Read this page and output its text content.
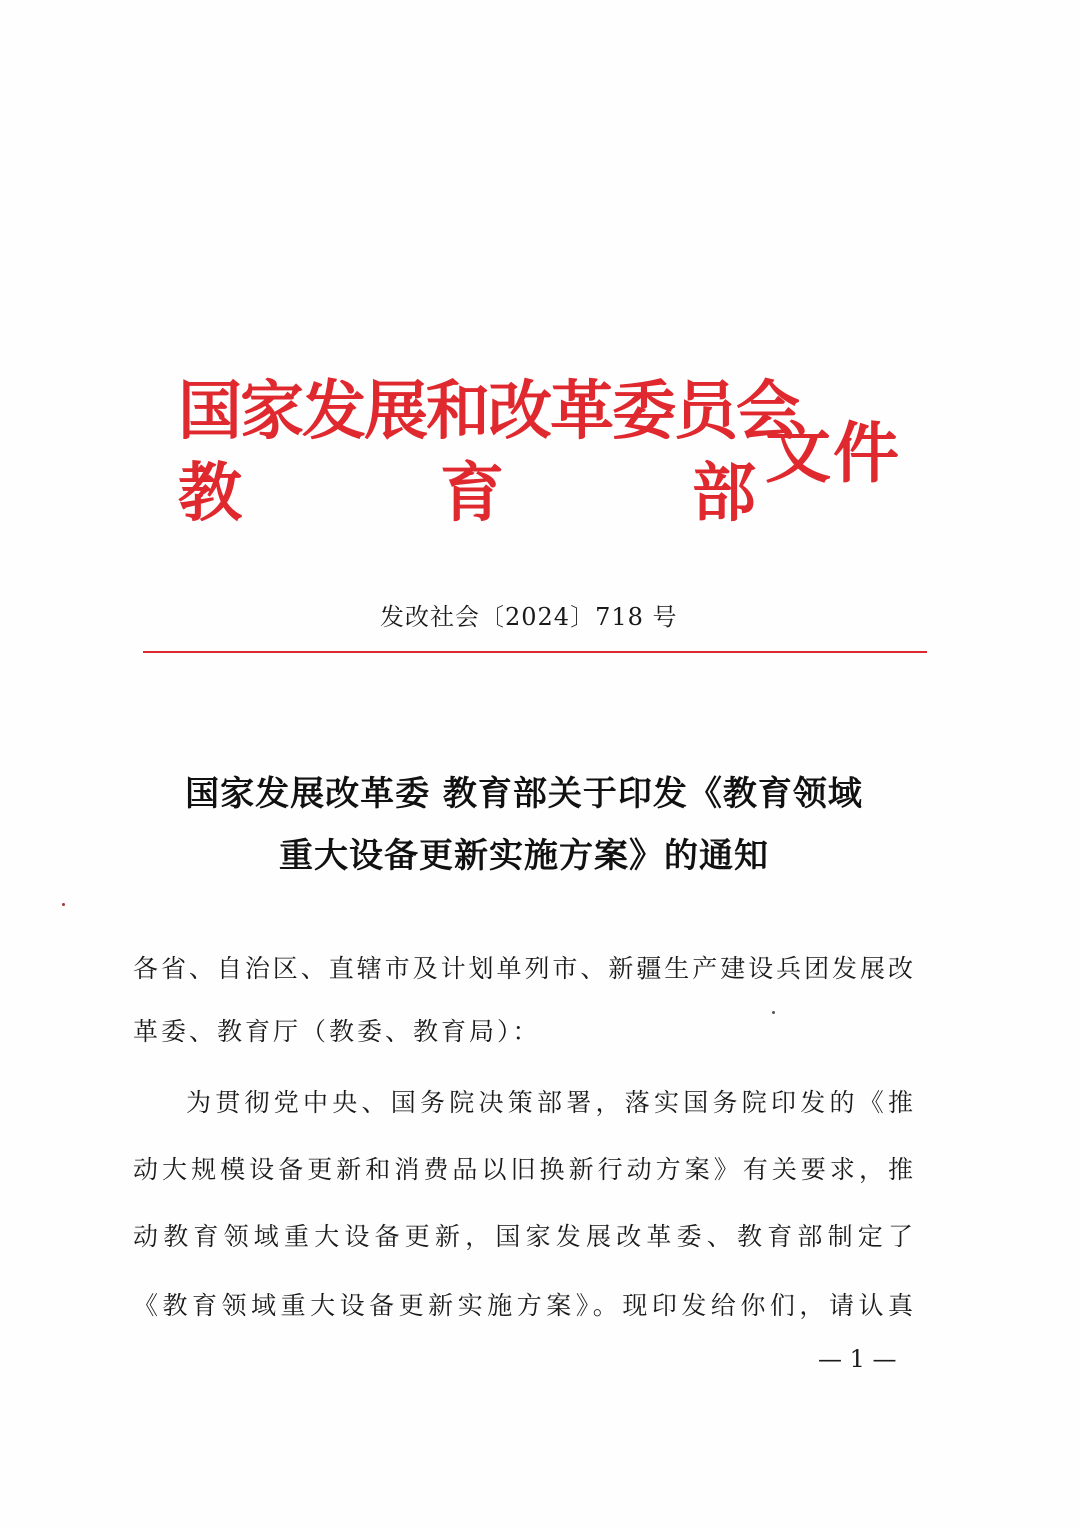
国家发展和改革委员会
教	育	部
文件
发改社会〔2024〕718 号
国家发展改革委 教育部关于印发《教育领域
重大设备更新实施方案》的通知
各省、自治区、直辖市及计划单列市、新疆生产建设兵团发展改
革委、教育厅（教委、教育局）：
为贯彻党中央、国务院决策部署，落实国务院印发的《推
动大规模设备更新和消费品以旧换新行动方案》有关要求，推
动教育领域重大设备更新，国家发展改革委、教育部制定了
《教育领域重大设备更新实施方案》。现印发给你们，请认真
— 1 —
